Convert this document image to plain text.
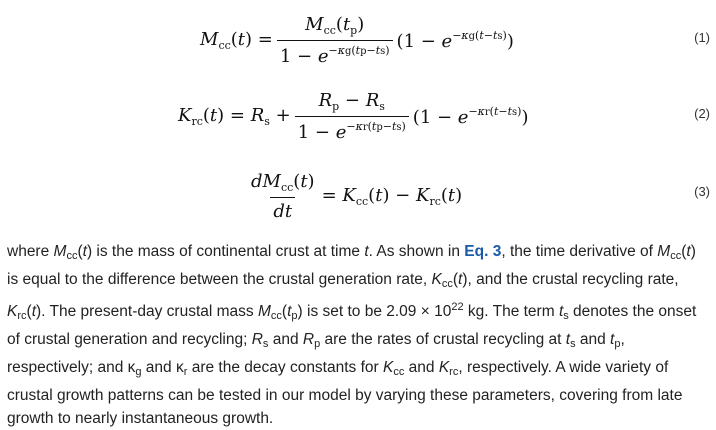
$M_{cc}(t) = \frac{M_{cc}(t_p)}{1 - e^{-\kappa g(tp-ts)}} (1 - e^{-\kappa g(t-ts)})$	(1)
$K_{rc}(t) = R_s + \frac{R_p - R_s}{1 - e^{-\kappa r(tp-ts)}} (1 - e^{-\kappa r(t-ts)})$	(2)
$\frac{dM_{cc}(t)}{dt} = K_{cc}(t) - K_{rc}(t)$	(3)
where Mcc(t) is the mass of continental crust at time t. As shown in Eq. 3, the time derivative of Mcc(t) is equal to the difference between the crustal generation rate, Kcc(t), and the crustal recycling rate, Krc(t). The present-day crustal mass Mcc(tp) is set to be $2.09 \times 10^{22}$ kg. The term ts denotes the onset of crustal generation and recycling; Rs and Rp are the rates of crustal recycling at ts and tp, respectively; and κg and κr are the decay constants for Kcc and Krc, respectively. A wide variety of crustal growth patterns can be tested in our model by varying these parameters, covering from late growth to nearly instantaneous growth.
